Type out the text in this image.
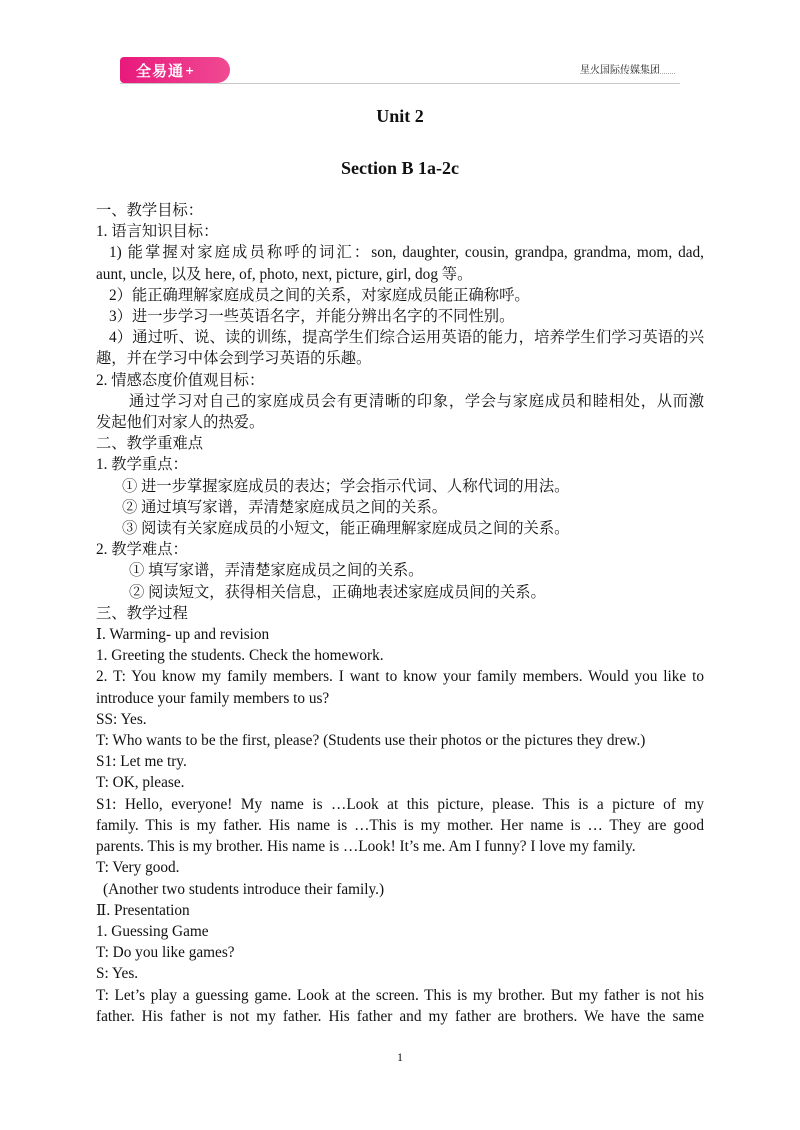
全易通 +	星火国际传媒集团
Unit 2
Section B 1a-2c

一、教学目标：

1. 语言知识目标：

1) 能掌握对家庭成员称呼的词汇：son, daughter, cousin, grandpa, grandma, mom, dad,

aunt, uncle, 以及 here, of, photo, next, picture, girl, dog 等。

2）能正确理解家庭成员之间的关系，对家庭成员能正确称呼。

3）进一步学习一些英语名字，并能分辨出名字的不同性别。

4）通过听、说、读的训练，提高学生们综合运用英语的能力，培养学生们学习英语的兴

趣，并在学习中体会到学习英语的乐趣。

2. 情感态度价值观目标：

通过学习对自己的家庭成员会有更清晰的印象，学会与家庭成员和睦相处，从而激

发起他们对家人的热爱。

二、教学重难点

1. 教学重点：

① 进一步掌握家庭成员的表达；学会指示代词、人称代词的用法。

② 通过填写家谱，弄清楚家庭成员之间的关系。

③ 阅读有关家庭成员的小短文，能正确理解家庭成员之间的关系。

2. 教学难点：

① 填写家谱，弄清楚家庭成员之间的关系。

② 阅读短文，获得相关信息，正确地表述家庭成员间的关系。

三、教学过程

Ⅰ. Warming- up and revision

1. Greeting the students. Check the homework.

2. T: You know my family members. I want to know your family members. Would you like to

introduce your family members to us?

SS: Yes.

T: Who wants to be the first, please? (Students use their photos or the pictures they drew.)

S1: Let me try.

T: OK, please.

S1: Hello, everyone! My name is …Look at this picture, please. This is a picture of my

family. This is my father. His name is …This is my mother. Her name is … They are good

parents. This is my brother. His name is …Look! It’s me. Am I funny? I love my family.

T: Very good.

(Another two students introduce their family.)

Ⅱ. Presentation

1. Guessing Game

T: Do you like games?

S: Yes.

T: Let’s play a guessing game. Look at the screen. This is my brother. But my father is not his

father. His father is not my father. His father and my father are brothers. We have the same

1
